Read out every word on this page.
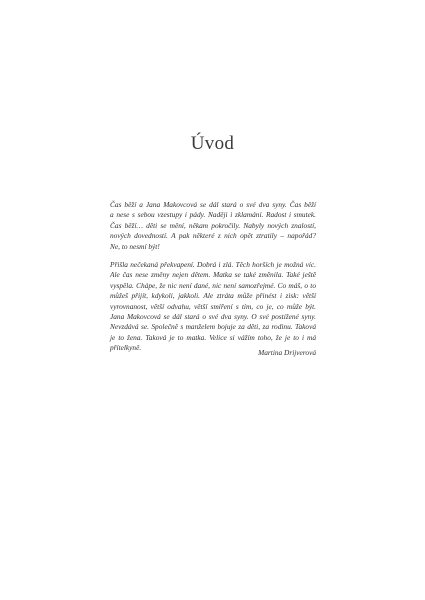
Úvod
Čas běží a Jana Makovcová se dál stará o své dva syny. Čas běží
a nese s sebou vzestupy i pády. Naději i zklamání. Radost i smutek.
Čas běží… děti se mění, někam pokročily. Nabyly nových znalostí,
nových dovedností. A pak některé z nich opět ztratily – napořád?
Ne, to nesmí být!
Přišla nečekaná překvapení. Dobrá i zlá. Těch horších je možná víc.
Ale čas nese změny nejen dětem. Matka se také změnila. Také ještě
vyspěla. Chápe, že nic není dané, nic není samozřejmé. Co máš, o to
můžeš přijít, kdykoli, jakkoli. Ale ztráta může přinést i zisk: větší
vyrovnanost, větší odvahu, větší smíření s tím, co je, co může být.
Jana Makovcová se dál stará o své dva syny. O své postižené syny.
Nevzdává se. Společně s manželem bojuje za děti, za rodinu. Taková
je to žena. Taková je to matka. Velice si vážím toho, že je to i má
přítelkyně.
Martina Drijverová
